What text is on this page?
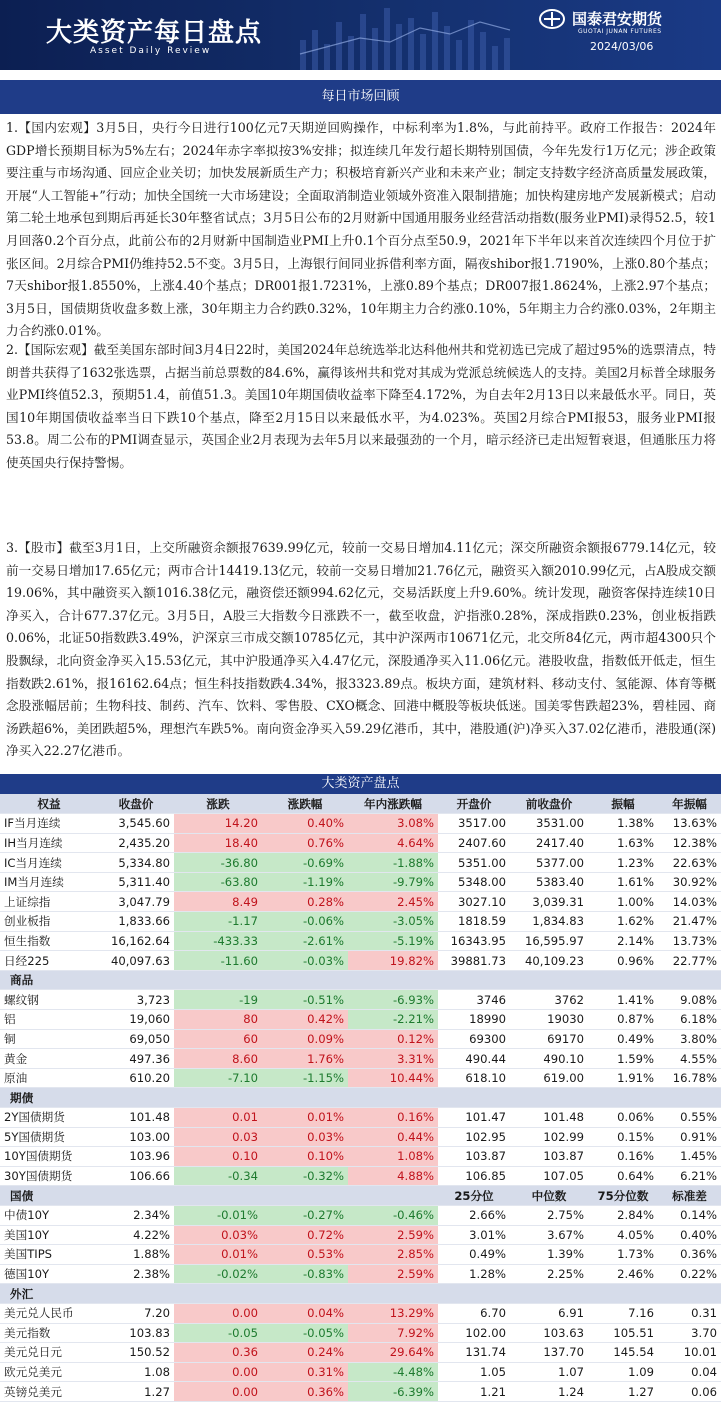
大类资产每日盘点
Asset Daily Review
国泰君安期货
GUOTAI JUNAN FUTURES
2024/03/06
每日市场回顾

1.【国内宏观】3月5日，央行今日进行100亿元7天期逆回购操作，中标利率为1.8%，与此前持平。政府工作报告：2024年GDP增长预期目标为5%左右；2024年赤字率拟按3%安排；拟连续几年发行超长期特别国债，今年先发行1万亿元；涉企政策要注重与市场沟通、回应企业关切；加快发展新质生产力；积极培育新兴产业和未来产业；制定支持数字经济高质量发展政策，开展“人工智能+”行动；加快全国统一大市场建设；全面取消制造业领域外资准入限制措施；加快构建房地产发展新模式；启动第二轮土地承包到期后再延长30年整省试点；3月5日公布的2月财新中国通用服务业经营活动指数(服务业PMI)录得52.5，较1月回落0.2个百分点，此前公布的2月财新中国制造业PMI上升0.1个百分点至50.9，2021年下半年以来首次连续四个月位于扩张区间。2月综合PMI仍维持52.5不变。3月5日，上海银行间同业拆借利率方面，隔夜shibor报1.7190%，上涨0.80个基点；7天shibor报1.8550%，上涨4.40个基点；DR001报1.7231%，上涨0.89个基点；DR007报1.8624%，上涨2.97个基点；3月5日，国债期货收盘多数上涨，30年期主力合约跌0.32%，10年期主力合约涨0.10%，5年期主力合约涨0.03%，2年期主力合约涨0.01%。

2.【国际宏观】截至美国东部时间3月4日22时，美国2024年总统选举北达科他州共和党初选已完成了超过95%的选票清点，特朗普共获得了1632张选票，占据当前总票数的84.6%，赢得该州共和党对其成为党派总统候选人的支持。美国2月标普全球服务业PMI终值52.3，预期51.4，前值51.3。美国10年期国债收益率下降至4.172%，为自去年2月13日以来最低水平。同日，英国10年期国债收益率当日下跌10个基点，降至2月15日以来最低水平，为4.023%。英国2月综合PMI报53，服务业PMI报53.8。周二公布的PMI调查显示，英国企业2月表现为去年5月以来最强劲的一个月，暗示经济已走出短暂衰退，但通胀压力将使英国央行保持警惕。

3.【股市】截至3月1日，上交所融资余额报7639.99亿元，较前一交易日增加4.11亿元；深交所融资余额报6779.14亿元，较前一交易日增加17.65亿元；两市合计14419.13亿元，较前一交易日增加21.76亿元，融资买入额2010.99亿元，占A股成交额19.06%，其中融资买入额1016.38亿元，融资偿还额994.62亿元，交易活跃度上升9.60%。统计发现，融资客保持连续10日净买入，合计677.37亿元。3月5日，A股三大指数今日涨跌不一，截至收盘，沪指涨0.28%，深成指跌0.23%，创业板指跌0.06%，北证50指数跌3.49%，沪深京三市成交额10785亿元，其中沪深两市10671亿元，北交所84亿元，两市超4300只个股飘绿，北向资金净买入15.53亿元，其中沪股通净买入4.47亿元，深股通净买入11.06亿元。港股收盘，指数低开低走，恒生指数跌2.61%，报16162.64点；恒生科技指数跌4.34%，报3323.89点。板块方面，建筑材料、移动支付、氢能源、体育等概念股涨幅居前；生物科技、制药、汽车、饮料、零售股、CXO概念、回港中概股等板块低迷。国美零售跌超23%，碧桂园、商汤跌超6%，美团跌超5%，理想汽车跌5%。南向资金净买入59.29亿港币，其中，港股通(沪)净买入37.02亿港币，港股通(深)净买入22.27亿港币。

大类资产盘点
权益	收盘价	涨跌	涨跌幅	年内涨跌幅	开盘价	前收盘价	振幅	年振幅
IF当月连续	3,545.60	14.20	0.40%	3.08%	3517.00	3531.00	1.38%	13.63%
IH当月连续	2,435.20	18.40	0.76%	4.64%	2407.60	2417.40	1.63%	12.38%
IC当月连续	5,334.80	-36.80	-0.69%	-1.88%	5351.00	5377.00	1.23%	22.63%
IM当月连续	5,311.40	-63.80	-1.19%	-9.79%	5348.00	5383.40	1.61%	30.92%
上证综指	3,047.79	8.49	0.28%	2.45%	3027.10	3,039.31	1.00%	14.03%
创业板指	1,833.66	-1.17	-0.06%	-3.05%	1818.59	1,834.83	1.62%	21.47%
恒生指数	16,162.64	-433.33	-2.61%	-5.19%	16343.95	16,595.97	2.14%	13.73%
日经225	40,097.63	-11.60	-0.03%	19.82%	39881.73	40,109.23	0.96%	22.77%
商品								
螺纹钢	3,723	-19	-0.51%	-6.93%	3746	3762	1.41%	9.08%
铝	19,060	80	0.42%	-2.21%	18990	19030	0.87%	6.18%
铜	69,050	60	0.09%	0.12%	69300	69170	0.49%	3.80%
黄金	497.36	8.60	1.76%	3.31%	490.44	490.10	1.59%	4.55%
原油	610.20	-7.10	-1.15%	10.44%	618.10	619.00	1.91%	16.78%
期债								
2Y国债期货	101.48	0.01	0.01%	0.16%	101.47	101.48	0.06%	0.55%
5Y国债期货	103.00	0.03	0.03%	0.44%	102.95	102.99	0.15%	0.91%
10Y国债期货	103.96	0.10	0.10%	1.08%	103.87	103.87	0.16%	1.45%
30Y国债期货	106.66	-0.34	-0.32%	4.88%	106.85	107.05	0.64%	6.21%
国债					25分位	中位数	75分位数	标准差
中债10Y	2.34%	-0.01%	-0.27%	-0.46%	2.66%	2.75%	2.84%	0.14%
美国10Y	4.22%	0.03%	0.72%	2.59%	3.01%	3.67%	4.05%	0.40%
美国TIPS	1.88%	0.01%	0.53%	2.85%	0.49%	1.39%	1.73%	0.36%
德国10Y	2.38%	-0.02%	-0.83%	2.59%	1.28%	2.25%	2.46%	0.22%
外汇								
美元兑人民币	7.20	0.00	0.04%	13.29%	6.70	6.91	7.16	0.31
美元指数	103.83	-0.05	-0.05%	7.92%	102.00	103.63	105.51	3.70
美元兑日元	150.52	0.36	0.24%	29.64%	131.74	137.70	145.54	10.01
欧元兑美元	1.08	0.00	0.31%	-4.48%	1.05	1.07	1.09	0.04
英镑兑美元	1.27	0.00	0.36%	-6.39%	1.21	1.24	1.27	0.06
